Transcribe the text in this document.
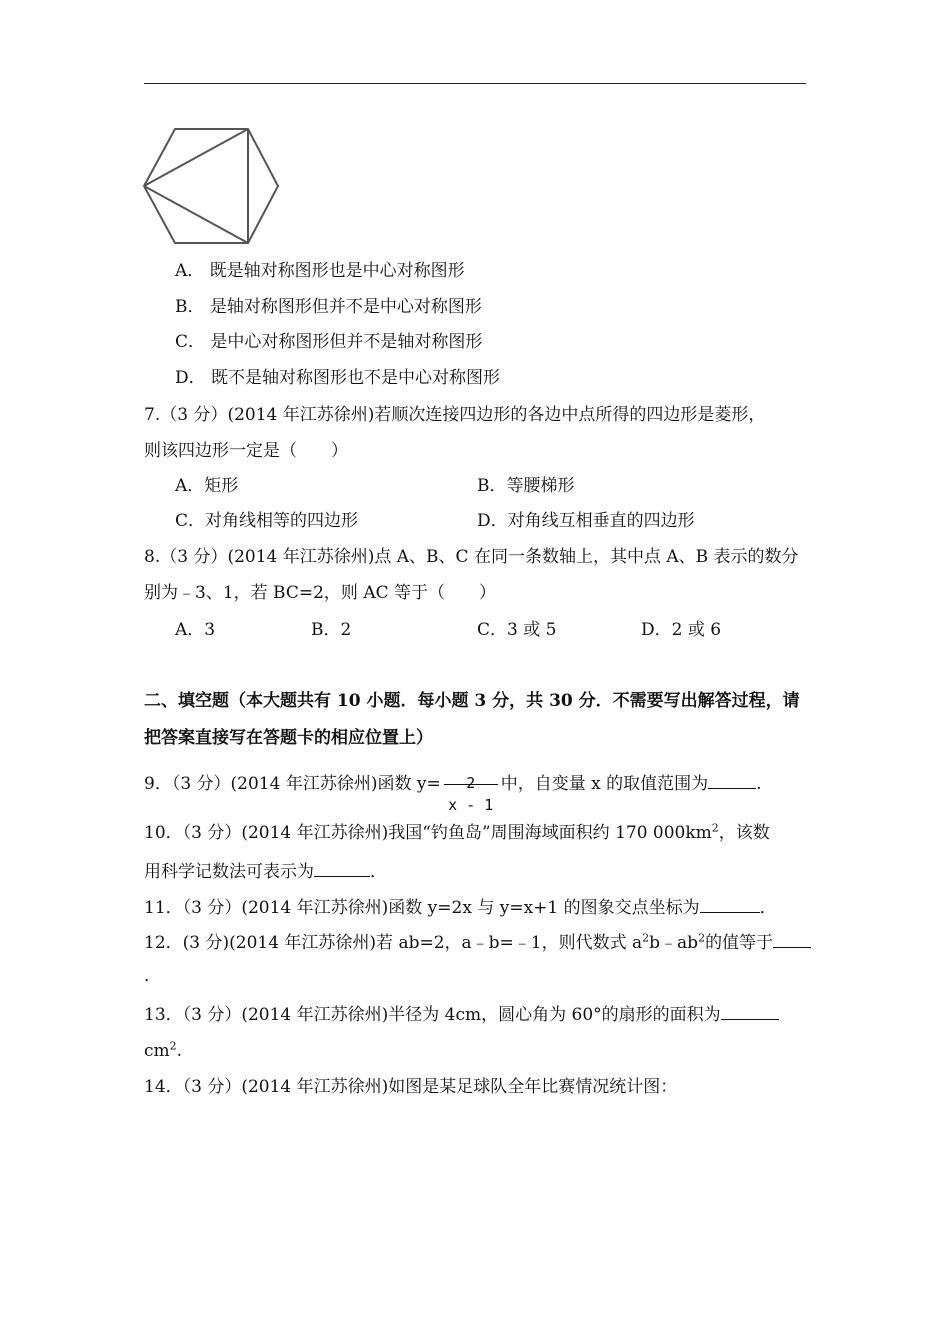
A． 既是轴对称图形也是中心对称图形
B． 是轴对称图形但并不是中心对称图形
C． 是中心对称图形但并不是轴对称图形
D． 既不是轴对称图形也不是中心对称图形
7.（3 分）(2014 年江苏徐州)若顺次连接四边形的各边中点所得的四边形是菱形，
则该四边形一定是（　　）
A．矩形	B．等腰梯形
C．对角线相等的四边形	D．对角线互相垂直的四边形
8.（3 分）(2014 年江苏徐州)点 A、B、C 在同一条数轴上，其中点 A、B 表示的数分
别为﹣3、1，若 BC=2，则 AC 等于（　　）
A．3	B．2	C．3 或 5	D．2 或 6
二、填空题（本大题共有 10 小题．每小题 3 分，共 30 分．不需要写出解答过程，请
把答案直接写在答题卡的相应位置上）
9．（3 分）(2014 年江苏徐州)函数 y=	2
x - 1
中，自变量 x 的取值范围为	.
10．（3 分）(2014 年江苏徐州)我国“钓鱼岛”周围海域面积约 170 $000km^2$，该数
用科学记数法可表示为	．
11．（3 分）(2014 年江苏徐州)函数 y=2x 与 y=x+1 的图象交点坐标为	．
12．(3 分)(2014 年江苏徐州)若 ab=2，a﹣b=﹣1，则代数式 $a^2b﹣ab^2$的值等于
．
13．（3 分）(2014 年江苏徐州)半径为 4cm，圆心角为 60°的扇形的面积为
$cm^2$.
14．（3 分）(2014 年江苏徐州)如图是某足球队全年比赛情况统计图：
